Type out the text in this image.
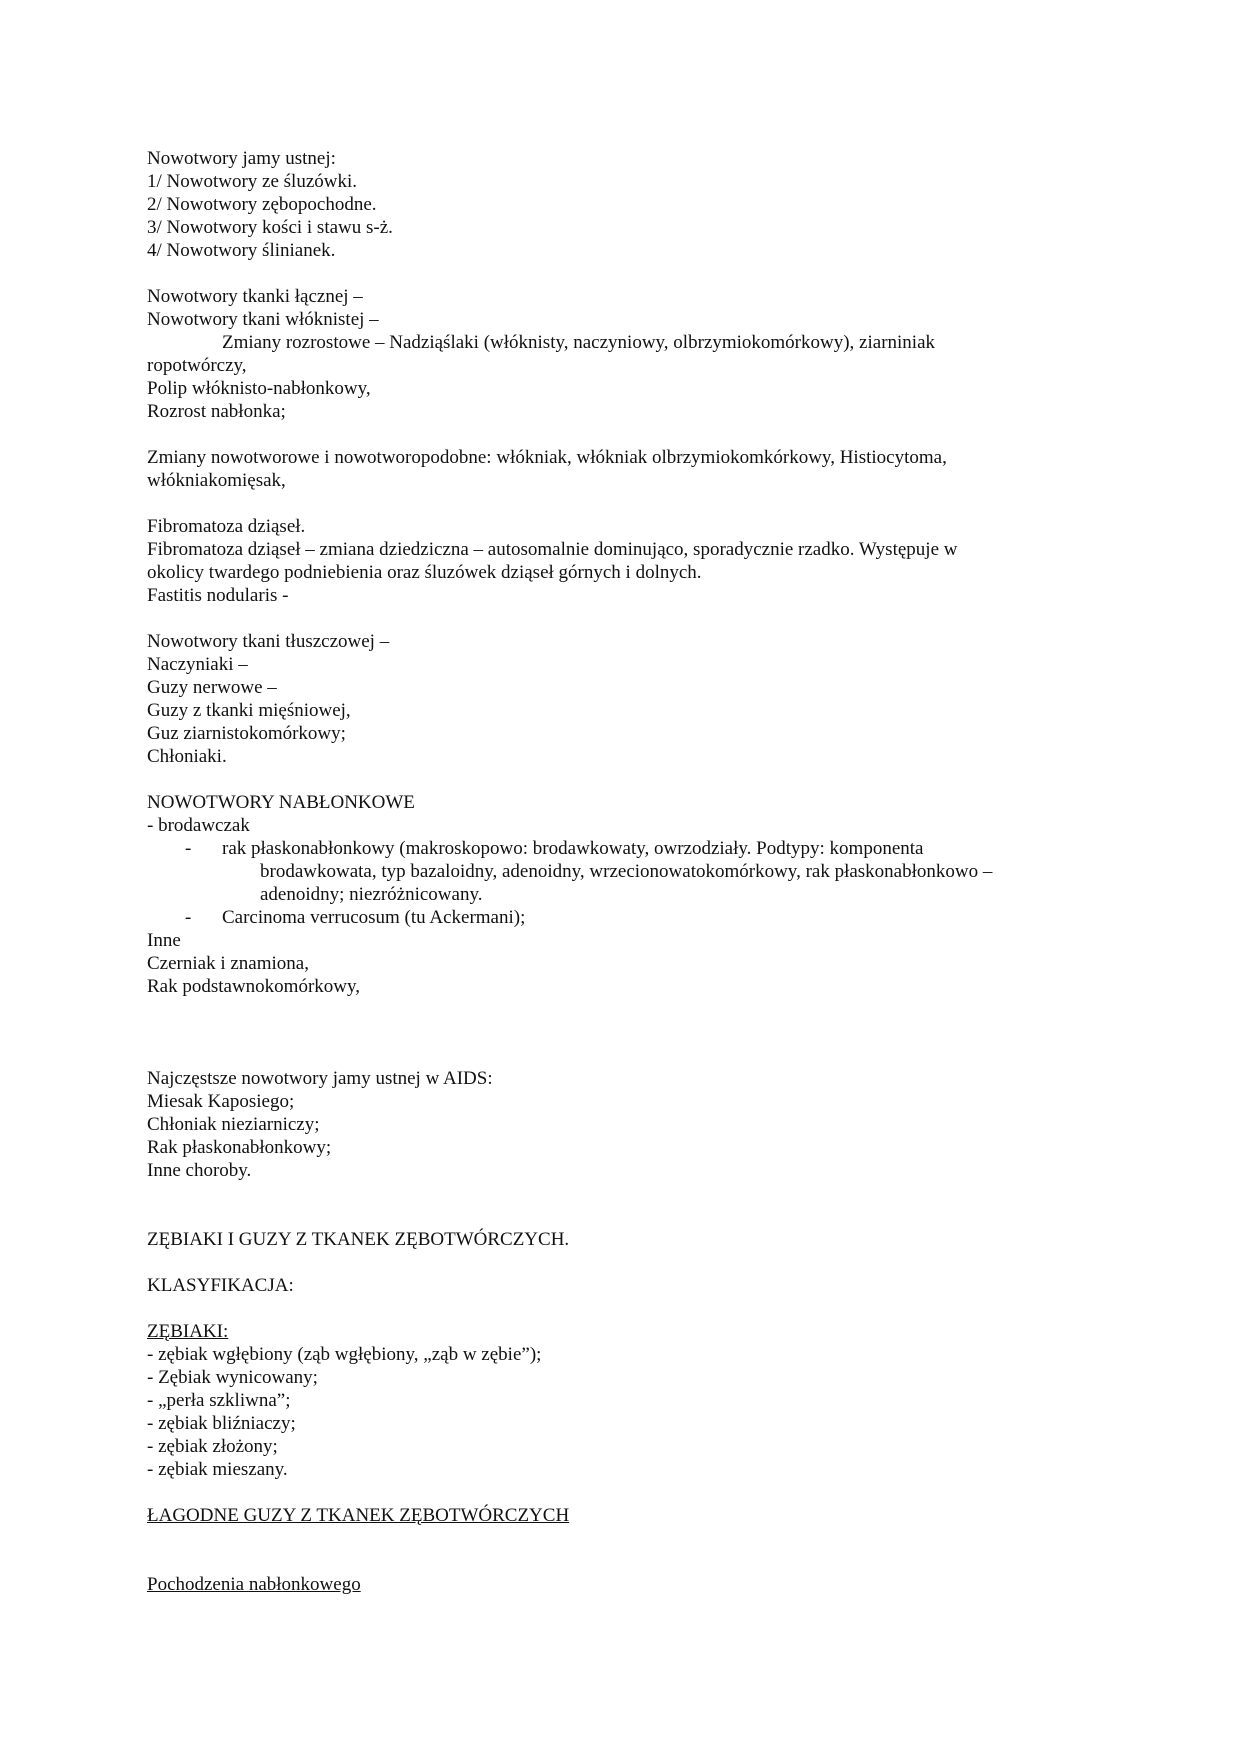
Nowotwory jamy ustnej:
1/ Nowotwory ze śluzówki.
2/ Nowotwory zębopochodne.
3/ Nowotwory kości i stawu s-ż.
4/ Nowotwory ślinianek.
Nowotwory tkanki łącznej –
Nowotwory tkani włóknistej –
Zmiany rozrostowe – Nadziąślaki (włóknisty, naczyniowy, olbrzymiokomórkowy), ziarniniak
ropotwórczy,
Polip włóknisto-nabłonkowy,
Rozrost nabłonka;
Zmiany nowotworowe i nowotworopodobne: włókniak, włókniak olbrzymiokomkórkowy, Histiocytoma,
włókniakomięsak,
Fibromatoza dziąseł.
Fibromatoza dziąseł – zmiana dziedziczna – autosomalnie dominująco, sporadycznie rzadko. Występuje w
okolicy twardego podniebienia oraz śluzówek dziąseł górnych i dolnych.
Fastitis nodularis -
Nowotwory tkani tłuszczowej –
Naczyniaki –
Guzy nerwowe –
Guzy z tkanki mięśniowej,
Guz ziarnistokomórkowy;
Chłoniaki.
NOWOTWORY NABŁONKOWE
- brodawczak
- rak płaskonabłonkowy (makroskopowo: brodawkowaty, owrzodziały. Podtypy: komponenta
brodawkowata, typ bazaloidny, adenoidny, wrzecionowatokomórkowy, rak płaskonabłonkowo –
adenoidny; niezróżnicowany.
- Carcinoma verrucosum (tu Ackermani);
Inne
Czerniak i znamiona,
Rak podstawnokomórkowy,
Najczęstsze nowotwory jamy ustnej w AIDS:
Miesak Kaposiego;
Chłoniak nieziarniczy;
Rak płaskonabłonkowy;
Inne choroby.
ZĘBIAKI I GUZY Z TKANEK ZĘBOTWÓRCZYCH.
KLASYFIKACJA:
ZĘBIAKI:
- zębiak wgłębiony (ząb wgłębiony, „ząb w zębie”);
- Zębiak wynicowany;
- „perła szkliwna”;
- zębiak bliźniaczy;
- zębiak złożony;
- zębiak mieszany.
ŁAGODNE GUZY Z TKANEK ZĘBOTWÓRCZYCH
Pochodzenia nabłonkowego
